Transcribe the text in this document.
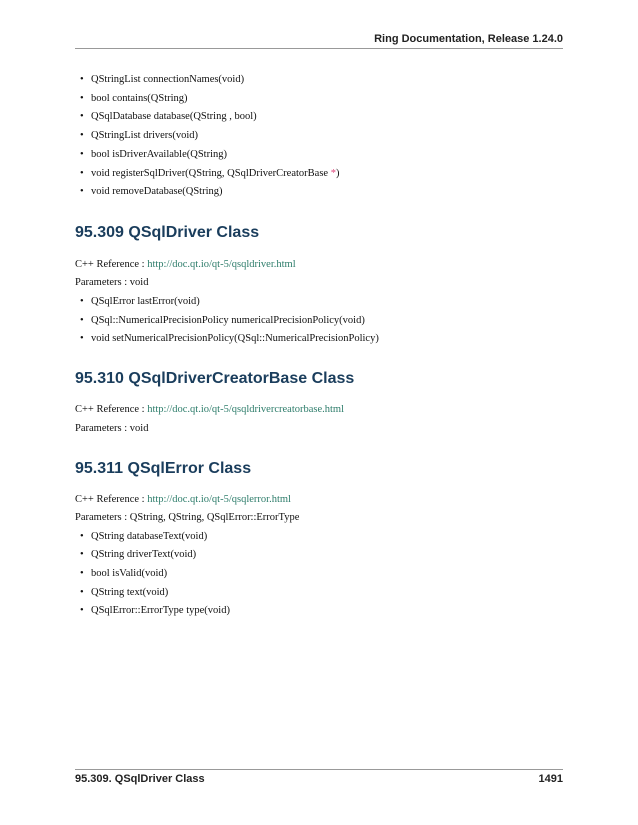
Ring Documentation, Release 1.24.0
• QStringList connectionNames(void)
• bool contains(QString)
• QSqlDatabase database(QString , bool)
• QStringList drivers(void)
• bool isDriverAvailable(QString)
• void registerSqlDriver(QString, QSqlDriverCreatorBase *)
• void removeDatabase(QString)
95.309 QSqlDriver Class
C++ Reference : http://doc.qt.io/qt-5/qsqldriver.html
Parameters : void
• QSqlError lastError(void)
• QSql::NumericalPrecisionPolicy numericalPrecisionPolicy(void)
• void setNumericalPrecisionPolicy(QSql::NumericalPrecisionPolicy)
95.310 QSqlDriverCreatorBase Class
C++ Reference : http://doc.qt.io/qt-5/qsqldrivercreatorbase.html
Parameters : void
95.311 QSqlError Class
C++ Reference : http://doc.qt.io/qt-5/qsqlerror.html
Parameters : QString, QString, QSqlError::ErrorType
• QString databaseText(void)
• QString driverText(void)
• bool isValid(void)
• QString text(void)
• QSqlError::ErrorType type(void)
95.309. QSqlDriver Class	1491
